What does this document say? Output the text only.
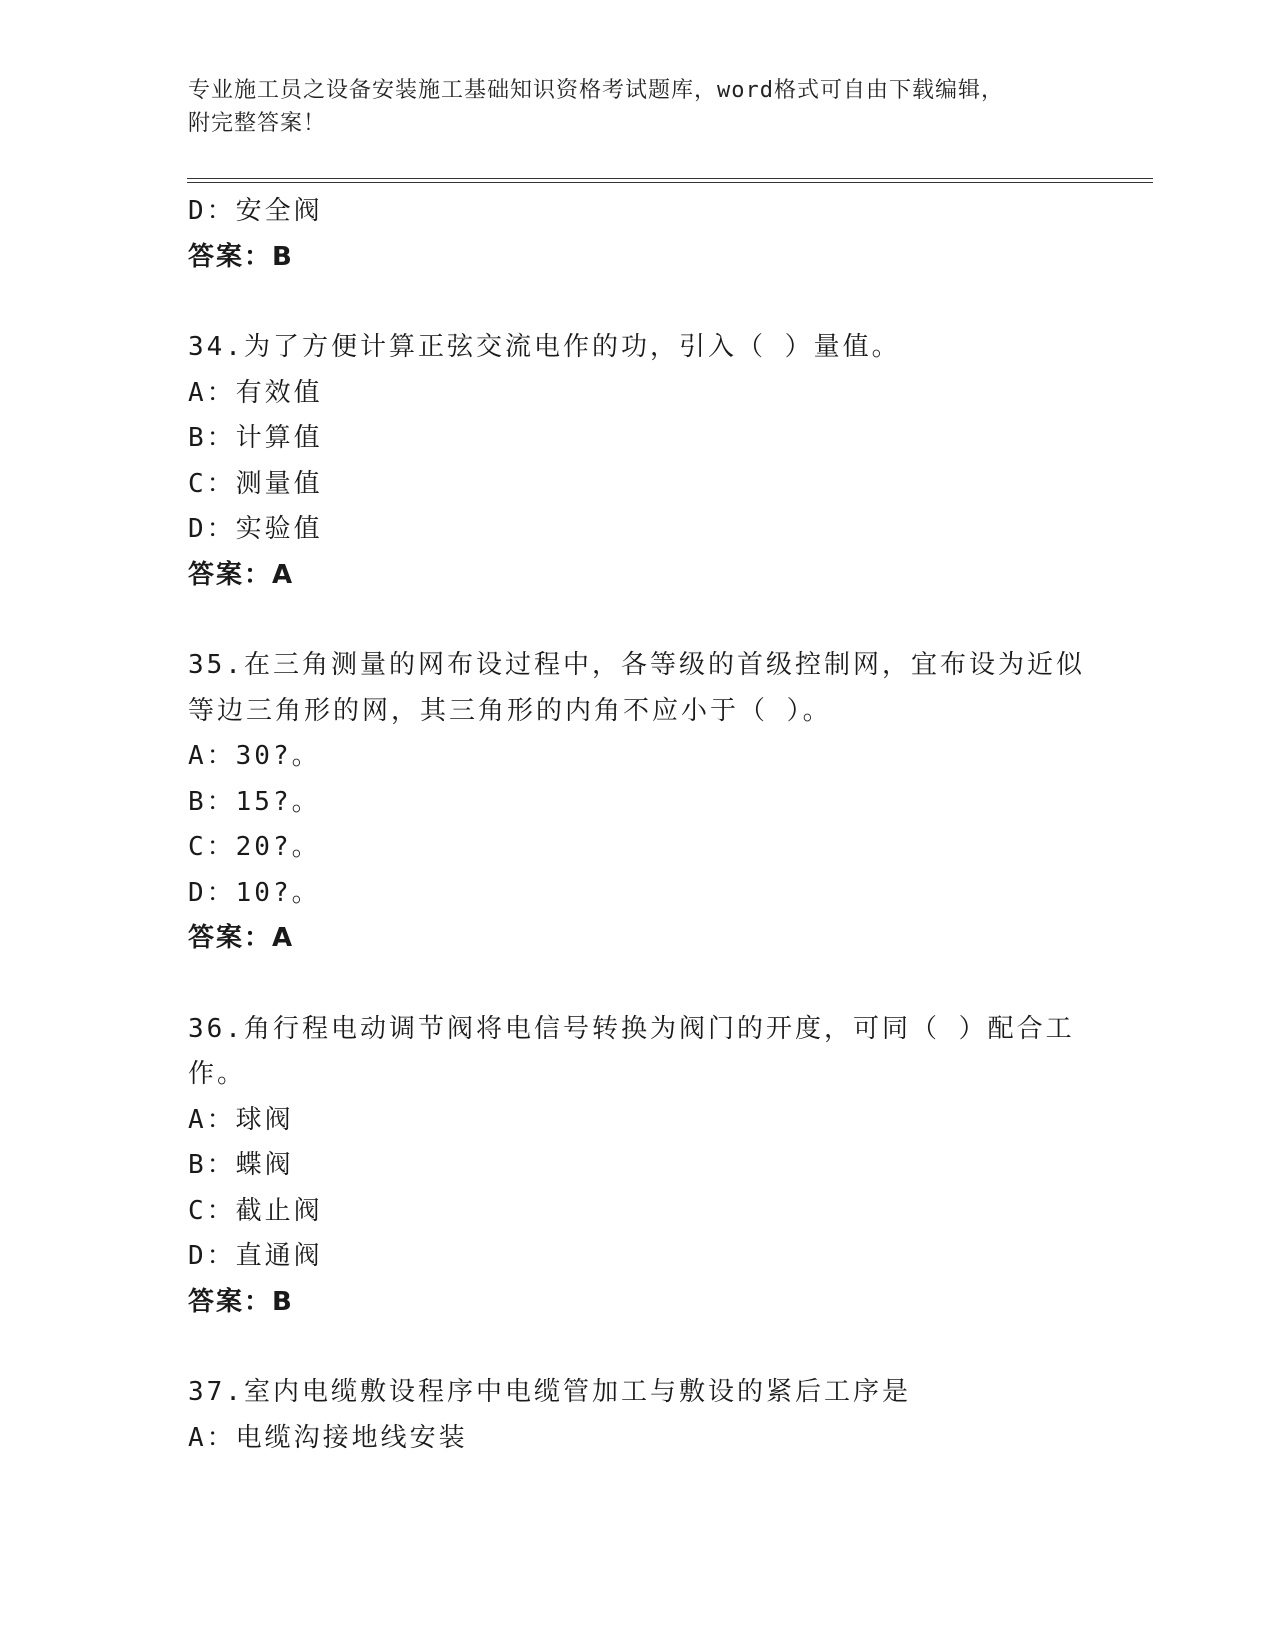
专业施工员之设备安装施工基础知识资格考试题库，word格式可自由下载编辑，
附完整答案！
D：安全阀
答案：B
34.为了方便计算正弦交流电作的功，引入（ ）量值。
A：有效值
B：计算值
C：测量值
D：实验值
答案：A
35.在三角测量的网布设过程中，各等级的首级控制网，宜布设为近似
等边三角形的网，其三角形的内角不应小于（ ）。
A：30?。
B：15?。
C：20?。
D：10?。
答案：A
36.角行程电动调节阀将电信号转换为阀门的开度，可同（ ）配合工
作。
A：球阀
B：蝶阀
C：截止阀
D：直通阀
答案：B
37.室内电缆敷设程序中电缆管加工与敷设的紧后工序是
A：电缆沟接地线安装
